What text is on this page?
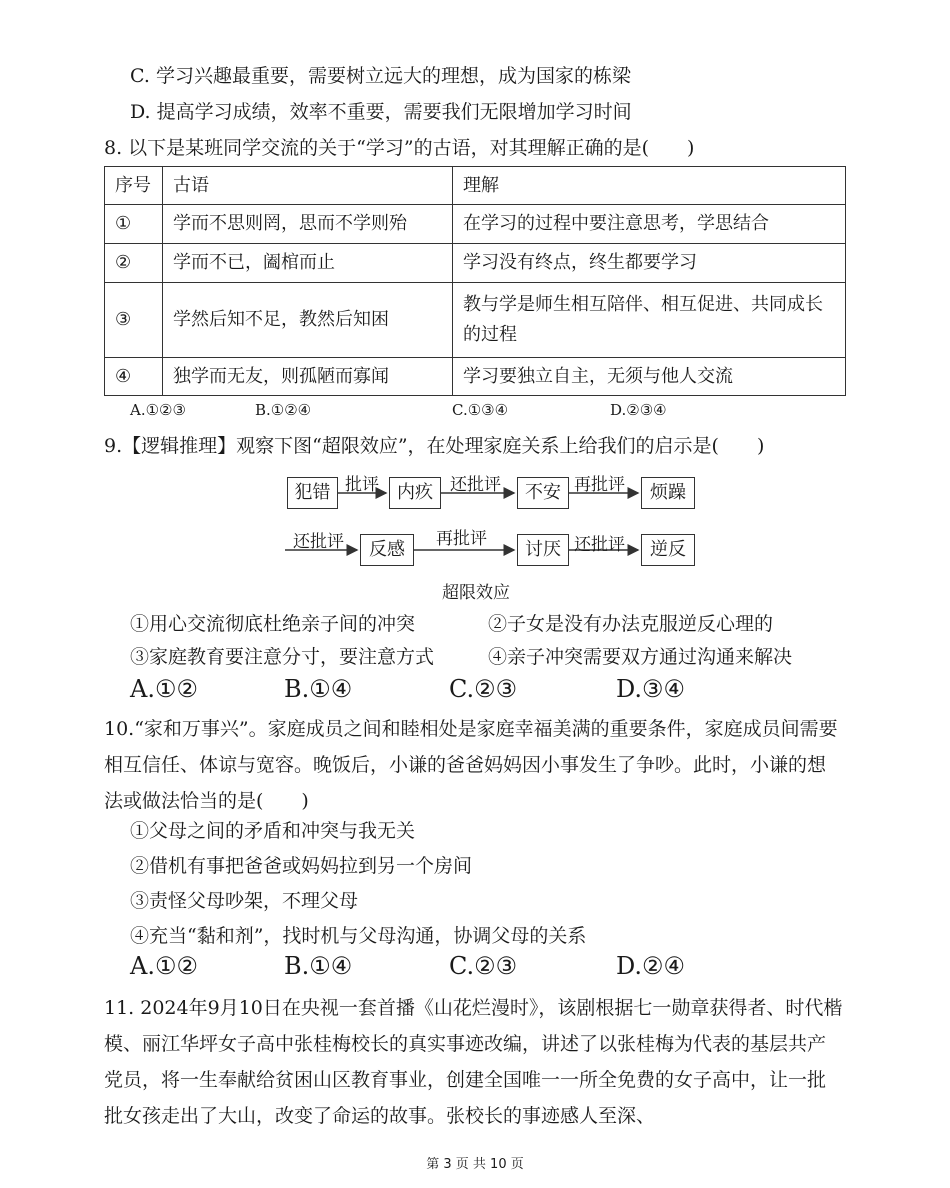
C. 学习兴趣最重要，需要树立远大的理想，成为国家的栋梁
D. 提高学习成绩，效率不重要，需要我们无限增加学习时间
8. 以下是某班同学交流的关于“学习”的古语，对其理解正确的是(　　)
序号	古语	理解
①	学而不思则罔，思而不学则殆	在学习的过程中要注意思考，学思结合
②	学而不已，阖棺而止	学习没有终点，终生都要学习
③	学然后知不足，教然后知困	教与学是师生相互陪伴、相互促进、共同成长的过程
④	独学而无友，则孤陋而寡闻	学习要独立自主，无须与他人交流
A.①②③	B.①②④	C.①③④	D.②③④
9.【逻辑推理】观察下图“超限效应”，在处理家庭关系上给我们的启示是(　　)
犯错	内疚	不安	烦躁
批评	还批评	再批评
反感	讨厌	逆反
还批评	再批评	还批评
超限效应
①用心交流彻底杜绝亲子间的冲突	②子女是没有办法克服逆反心理的
③家庭教育要注意分寸，要注意方式	④亲子冲突需要双方通过沟通来解决
A.①②	B.①④	C.②③	D.③④
10.“家和万事兴”。家庭成员之间和睦相处是家庭幸福美满的重要条件，家庭成员间需要相互信任、体谅与宽容。晚饭后，小谦的爸爸妈妈因小事发生了争吵。此时，小谦的想法或做法恰当的是(　　)
①父母之间的矛盾和冲突与我无关
②借机有事把爸爸或妈妈拉到另一个房间
③责怪父母吵架，不理父母
④充当“黏和剂”，找时机与父母沟通，协调父母的关系
A.①②	B.①④	C.②③	D.②④
11. 2024年9月10日在央视一套首播《山花烂漫时》，该剧根据七一勋章获得者、时代楷模、丽江华坪女子高中张桂梅校长的真实事迹改编，讲述了以张桂梅为代表的基层共产党员，将一生奉献给贫困山区教育事业，创建全国唯一一所全免费的女子高中，让一批批女孩走出了大山，改变了命运的故事。张校长的事迹感人至深、
第 3 页 共 10 页
